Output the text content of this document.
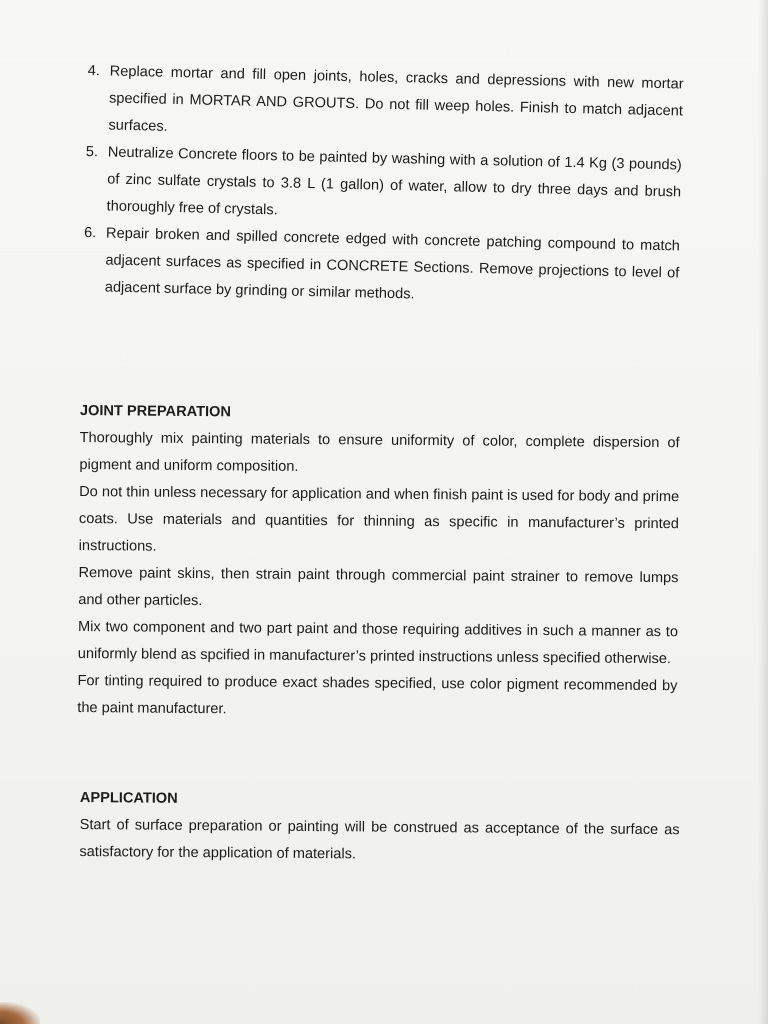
4. Replace mortar and fill open joints, holes, cracks and depressions with new mortar specified in MORTAR AND GROUTS. Do not fill weep holes. Finish to match adjacent surfaces.
5. Neutralize Concrete floors to be painted by washing with a solution of 1.4 Kg (3 pounds) of zinc sulfate crystals to 3.8 L (1 gallon) of water, allow to dry three days and brush thoroughly free of crystals.
6. Repair broken and spilled concrete edged with concrete patching compound to match adjacent surfaces as specified in CONCRETE Sections. Remove projections to level of adjacent surface by grinding or similar methods.

JOINT PREPARATION

Thoroughly mix painting materials to ensure uniformity of color, complete dispersion of pigment and uniform composition.

Do not thin unless necessary for application and when finish paint is used for body and prime coats. Use materials and quantities for thinning as specific in manufacturer’s printed instructions.

Remove paint skins, then strain paint through commercial paint strainer to remove lumps and other particles.

Mix two component and two part paint and those requiring additives in such a manner as to uniformly blend as spcified in manufacturer’s printed instructions unless specified otherwise.

For tinting required to produce exact shades specified, use color pigment recommended by the paint manufacturer.

APPLICATION

Start of surface preparation or painting will be construed as acceptance of the surface as satisfactory for the application of materials.
